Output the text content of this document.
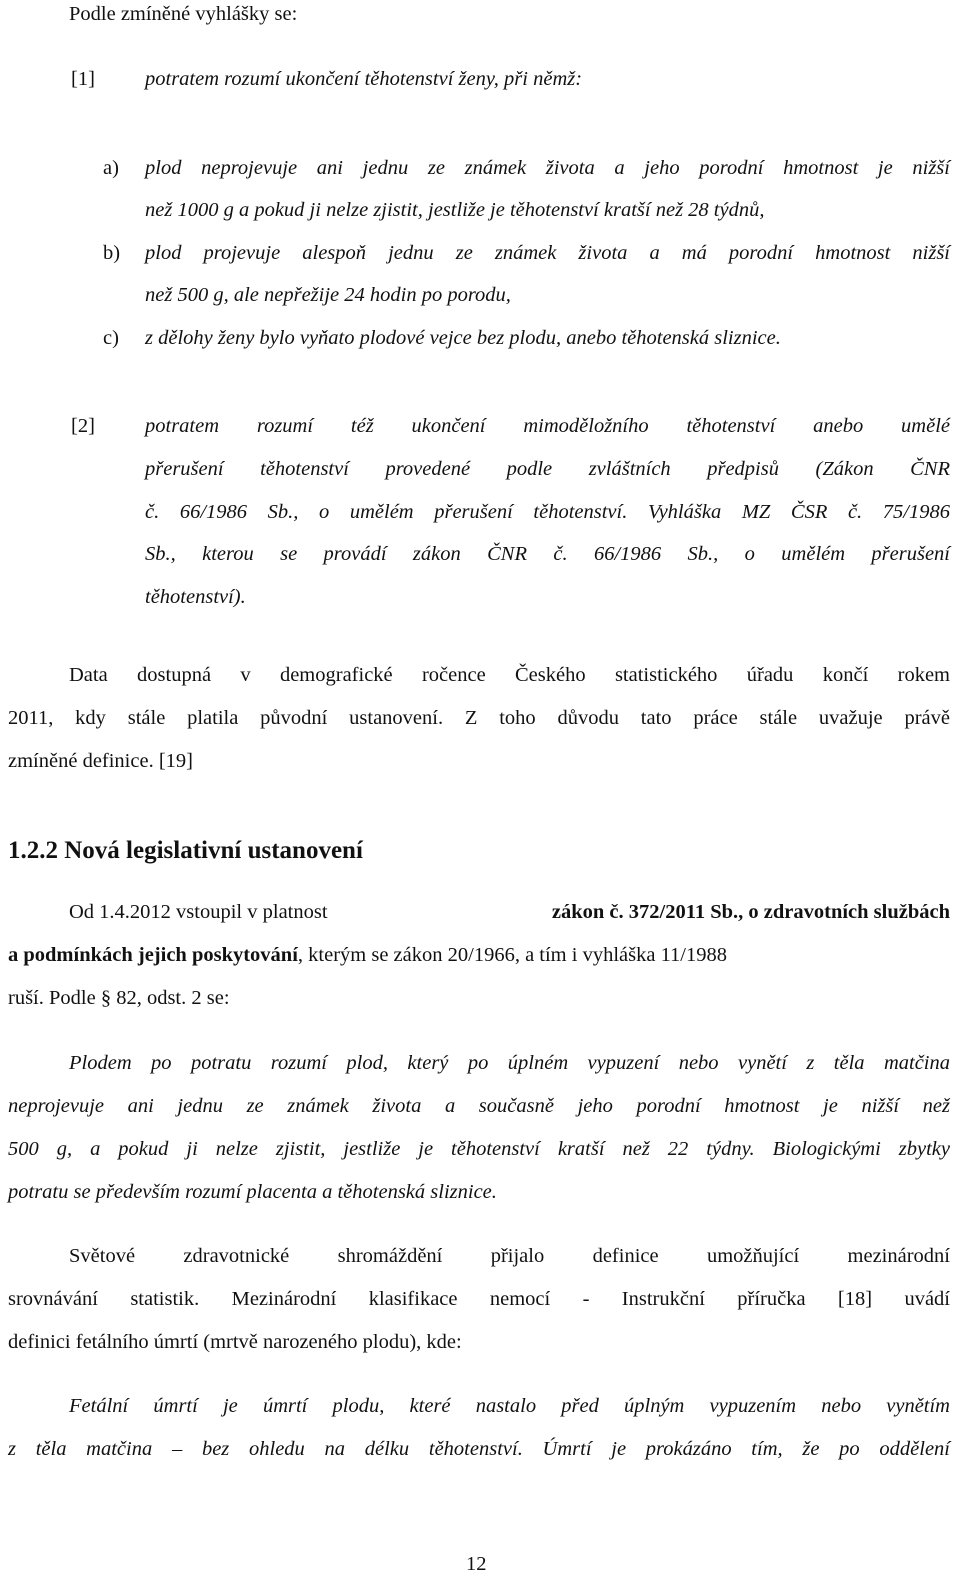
Podle zmíněné vyhlášky se:
[1] potratem rozumí ukončení těhotenství ženy, při němž:
a) plod neprojevuje ani jednu ze známek života a jeho porodní hmotnost je nižší
než 1000 g a pokud ji nelze zjistit, jestliže je těhotenství kratší než 28 týdnů,
b) plod projevuje alespoň jednu ze známek života a má porodní hmotnost nižší
než 500 g, ale nepřežije 24 hodin po porodu,
c) z dělohy ženy bylo vyňato plodové vejce bez plodu, anebo těhotenská sliznice.
[2] potratem rozumí též ukončení mimoděložního těhotenství anebo umělé
přerušení těhotenství provedené podle zvláštních předpisů (Zákon ČNR
č. 66/1986 Sb., o umělém přerušení těhotenství. Vyhláška MZ ČSR č. 75/1986
Sb., kterou se provádí zákon ČNR č. 66/1986 Sb., o umělém přerušení
těhotenství).
Data dostupná v demografické ročence Českého statistického úřadu končí rokem
2011, kdy stále platila původní ustanovení. Z toho důvodu tato práce stále uvažuje právě
zmíněné definice. [19]
1.2.2 Nová legislativní ustanovení
Od 1.4.2012 vstoupil v platnost	zákon č. 372/2011 Sb., o zdravotních službách
a podmínkách jejich poskytování, kterým se zákon 20/1966, a tím i vyhláška 11/1988
ruší. Podle § 82, odst. 2 se:
Plodem po potratu rozumí plod, který po úplném vypuzení nebo vynětí z těla matčina
neprojevuje ani jednu ze známek života a současně jeho porodní hmotnost je nižší než
500 g, a pokud ji nelze zjistit, jestliže je těhotenství kratší než 22 týdny. Biologickými zbytky
potratu se především rozumí placenta a těhotenská sliznice.
Světové zdravotnické shromáždění přijalo definice umožňující mezinárodní
srovnávání statistik. Mezinárodní klasifikace nemocí - Instrukční příručka [18] uvádí
definici fetálního úmrtí (mrtvě narozeného plodu), kde:
Fetální úmrtí je úmrtí plodu, které nastalo před úplným vypuzením nebo vynětím
z těla matčina – bez ohledu na délku těhotenství. Úmrtí je prokázáno tím, že po oddělení
12
